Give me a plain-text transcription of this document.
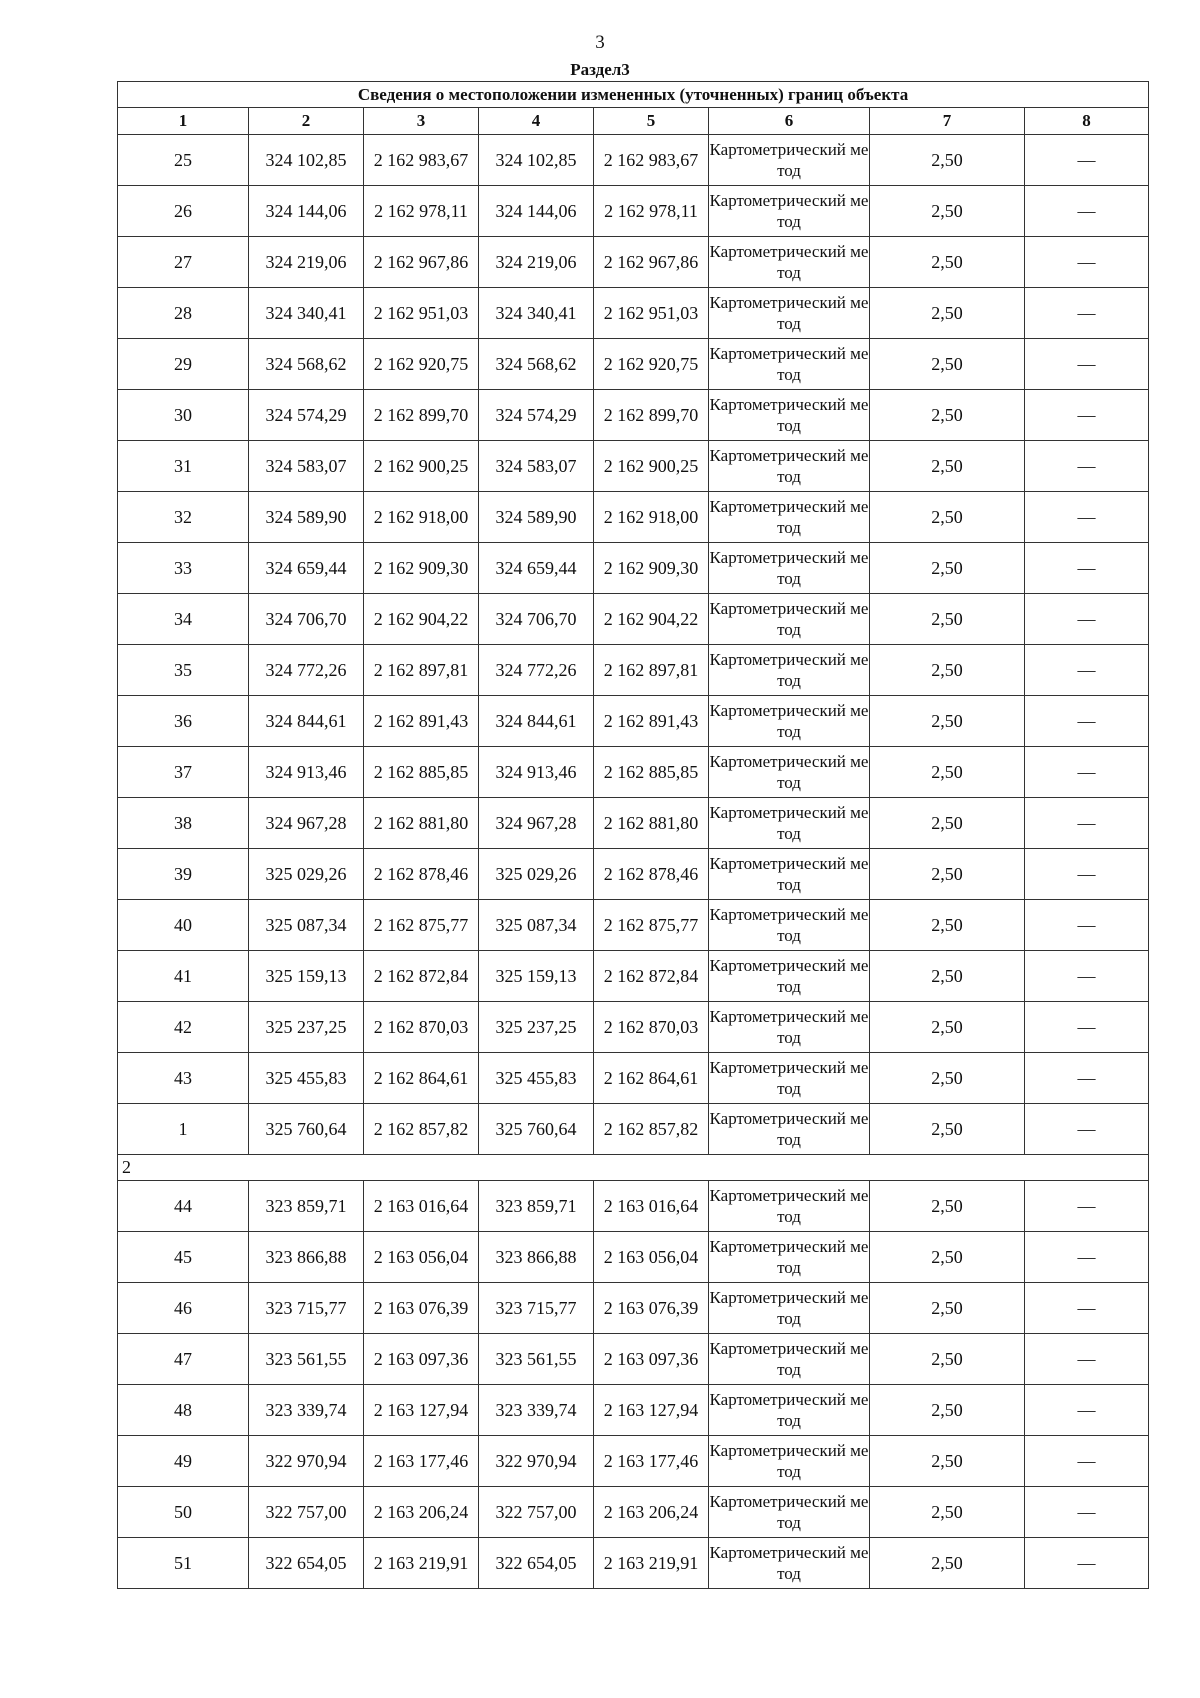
3
Раздел3
Сведения о местоположении измененных (уточненных) границ объекта							
1	2	3	4	5	6	7	8
25	324 102,85	2 162 983,67	324 102,85	2 162 983,67	Картометрический метод	2,50	—
26	324 144,06	2 162 978,11	324 144,06	2 162 978,11	Картометрический метод	2,50	—
27	324 219,06	2 162 967,86	324 219,06	2 162 967,86	Картометрический метод	2,50	—
28	324 340,41	2 162 951,03	324 340,41	2 162 951,03	Картометрический метод	2,50	—
29	324 568,62	2 162 920,75	324 568,62	2 162 920,75	Картометрический метод	2,50	—
30	324 574,29	2 162 899,70	324 574,29	2 162 899,70	Картометрический метод	2,50	—
31	324 583,07	2 162 900,25	324 583,07	2 162 900,25	Картометрический метод	2,50	—
32	324 589,90	2 162 918,00	324 589,90	2 162 918,00	Картометрический метод	2,50	—
33	324 659,44	2 162 909,30	324 659,44	2 162 909,30	Картометрический метод	2,50	—
34	324 706,70	2 162 904,22	324 706,70	2 162 904,22	Картометрический метод	2,50	—
35	324 772,26	2 162 897,81	324 772,26	2 162 897,81	Картометрический метод	2,50	—
36	324 844,61	2 162 891,43	324 844,61	2 162 891,43	Картометрический метод	2,50	—
37	324 913,46	2 162 885,85	324 913,46	2 162 885,85	Картометрический метод	2,50	—
38	324 967,28	2 162 881,80	324 967,28	2 162 881,80	Картометрический метод	2,50	—
39	325 029,26	2 162 878,46	325 029,26	2 162 878,46	Картометрический метод	2,50	—
40	325 087,34	2 162 875,77	325 087,34	2 162 875,77	Картометрический метод	2,50	—
41	325 159,13	2 162 872,84	325 159,13	2 162 872,84	Картометрический метод	2,50	—
42	325 237,25	2 162 870,03	325 237,25	2 162 870,03	Картометрический метод	2,50	—
43	325 455,83	2 162 864,61	325 455,83	2 162 864,61	Картометрический метод	2,50	—
1	325 760,64	2 162 857,82	325 760,64	2 162 857,82	Картометрический метод	2,50	—
2							
44	323 859,71	2 163 016,64	323 859,71	2 163 016,64	Картометрический метод	2,50	—
45	323 866,88	2 163 056,04	323 866,88	2 163 056,04	Картометрический метод	2,50	—
46	323 715,77	2 163 076,39	323 715,77	2 163 076,39	Картометрический метод	2,50	—
47	323 561,55	2 163 097,36	323 561,55	2 163 097,36	Картометрический метод	2,50	—
48	323 339,74	2 163 127,94	323 339,74	2 163 127,94	Картометрический метод	2,50	—
49	322 970,94	2 163 177,46	322 970,94	2 163 177,46	Картометрический метод	2,50	—
50	322 757,00	2 163 206,24	322 757,00	2 163 206,24	Картометрический метод	2,50	—
51	322 654,05	2 163 219,91	322 654,05	2 163 219,91	Картометрический метод	2,50	—
